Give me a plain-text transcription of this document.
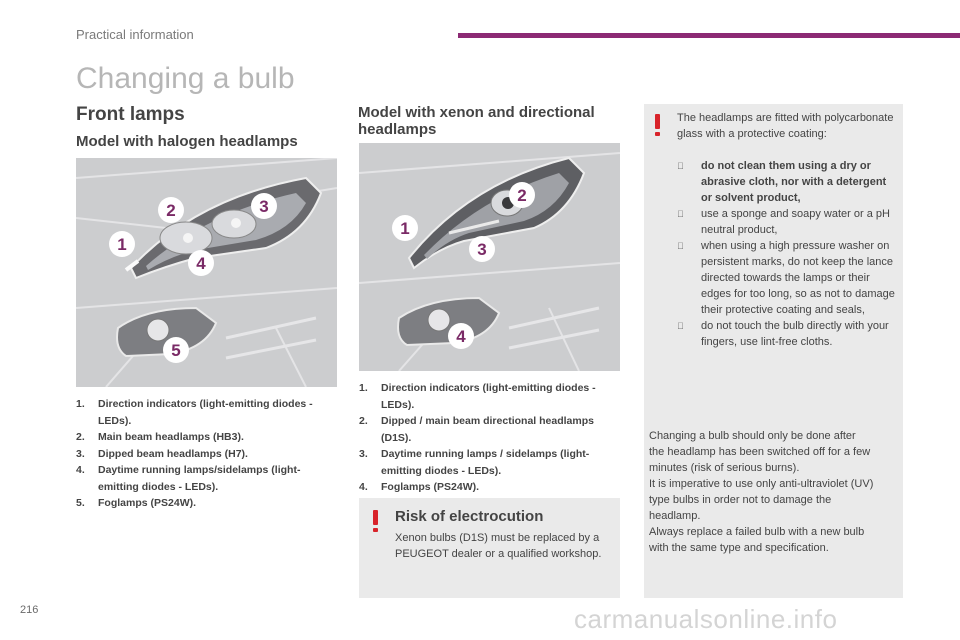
Practical information
Changing a bulb
Front lamps
Model with halogen headlamps
Model with xenon and directional headlamps
2	3
1
4
5
2
1
3
4
1.	Direction indicators (light-emitting diodes - LEDs).
2.	Main beam headlamps (HB3).
3.	Dipped beam headlamps (H7).
4.	Daytime running lamps/sidelamps (light-emitting diodes - LEDs).
5.	Foglamps (PS24W).
1.	Direction indicators (light-emitting diodes - LEDs).
2.	Dipped / main beam directional headlamps (D1S).
3.	Daytime running lamps / sidelamps (light-emitting diodes - LEDs).
4.	Foglamps (PS24W).
Risk of electrocution
Xenon bulbs (D1S) must be replaced by a PEUGEOT dealer or a qualified workshop.
The headlamps are fitted with polycarbonate glass with a protective coating:
do not clean them using a dry or abrasive cloth, nor with a detergent or solvent product,
use a sponge and soapy water or a pH neutral product,
when using a high pressure washer on persistent marks, do not keep the lance directed towards the lamps or their edges for too long, so as not to damage their protective coating and seals,
do not touch the bulb directly with your fingers, use lint-free cloths.

Changing a bulb should only be done after the headlamp has been switched off for a few minutes (risk of serious burns).

It is imperative to use only anti-ultraviolet (UV) type bulbs in order not to damage the headlamp.

Always replace a failed bulb with a new bulb with the same type and specification.

216	carmanualsonline.info
